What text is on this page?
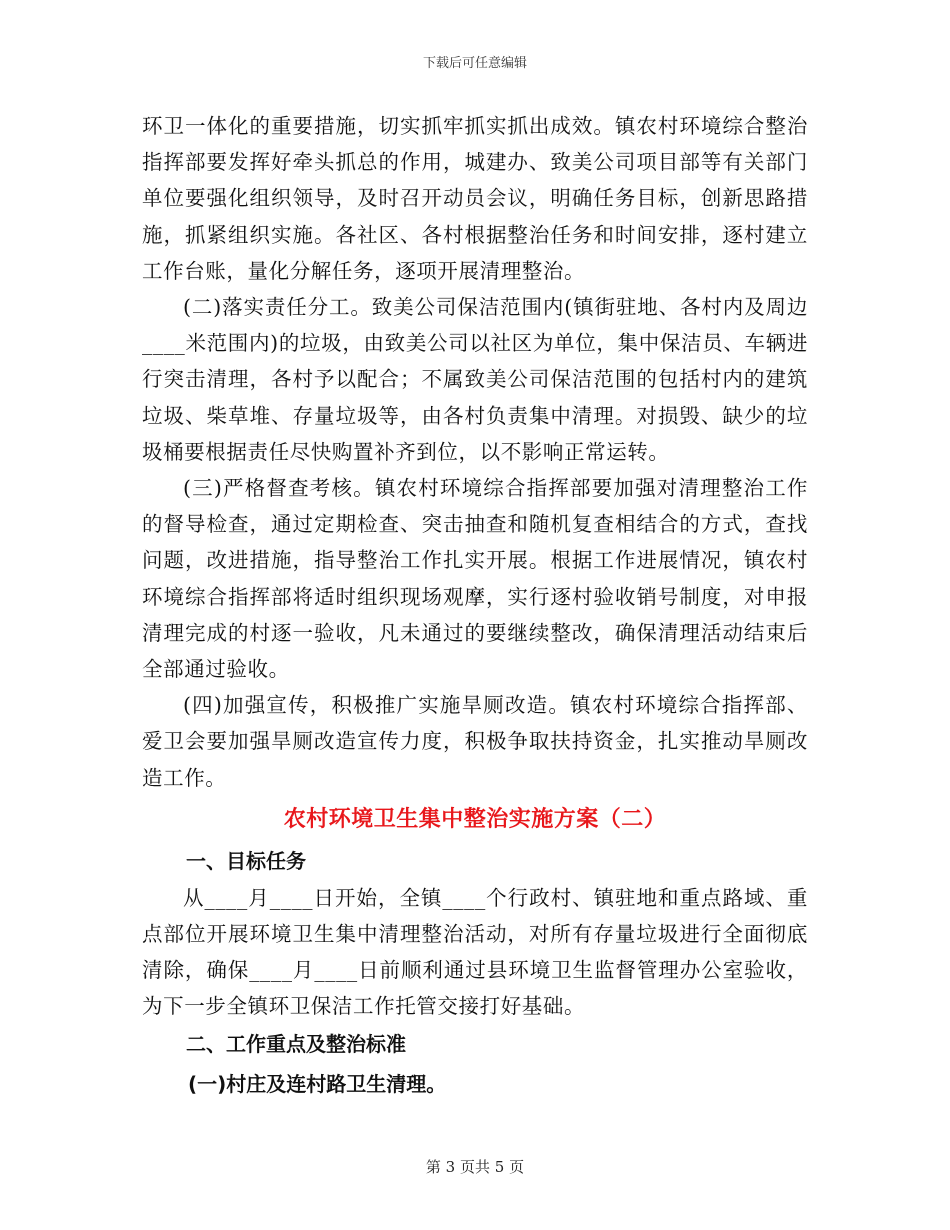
下载后可任意编辑

环卫一体化的重要措施，切实抓牢抓实抓出成效。镇农村环境综合整治指挥部要发挥好牵头抓总的作用，城建办、致美公司项目部等有关部门单位要强化组织领导，及时召开动员会议，明确任务目标，创新思路措施，抓紧组织实施。各社区、各村根据整治任务和时间安排，逐村建立工作台账，量化分解任务，逐项开展清理整治。

(二)落实责任分工。致美公司保洁范围内(镇街驻地、各村内及周边____米范围内)的垃圾，由致美公司以社区为单位，集中保洁员、车辆进行突击清理，各村予以配合；不属致美公司保洁范围的包括村内的建筑垃圾、柴草堆、存量垃圾等，由各村负责集中清理。对损毁、缺少的垃圾桶要根据责任尽快购置补齐到位，以不影响正常运转。

(三)严格督查考核。镇农村环境综合指挥部要加强对清理整治工作的督导检查，通过定期检查、突击抽查和随机复查相结合的方式，查找问题，改进措施，指导整治工作扎实开展。根据工作进展情况，镇农村环境综合指挥部将适时组织现场观摩，实行逐村验收销号制度，对申报清理完成的村逐一验收，凡未通过的要继续整改，确保清理活动结束后全部通过验收。

(四)加强宣传，积极推广实施旱厕改造。镇农村环境综合指挥部、爱卫会要加强旱厕改造宣传力度，积极争取扶持资金，扎实推动旱厕改造工作。

农村环境卫生集中整治实施方案（二）
一、目标任务

从____月____日开始，全镇____个行政村、镇驻地和重点路域、重点部位开展环境卫生集中清理整治活动，对所有存量垃圾进行全面彻底清除，确保____月____日前顺利通过县环境卫生监督管理办公室验收，为下一步全镇环卫保洁工作托管交接打好基础。

二、工作重点及整治标准
(一)村庄及连村路卫生清理。
第 3 页共 5 页
